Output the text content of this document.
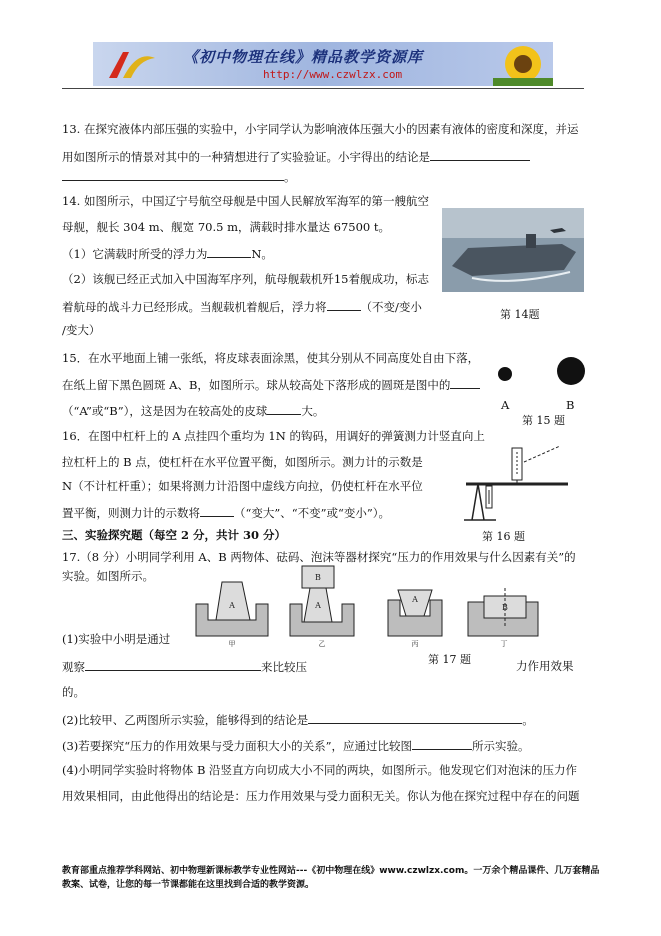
《初中物理在线》精品教学资源库
http://www.czwlzx.com
13. 在探究液体内部压强的实验中，小宇同学认为影响液体压强大小的因素有液体的密度和深度，并运
用如图所示的情景对其中的一种猜想进行了实验验证。小宇得出的结论是
。
14. 如图所示，中国辽宁号航空母舰是中国人民解放军海军的第一艘航空
母舰，舰长 304 m、舰宽 70.5 m，满载时排水量达 67500 t。
（1）它满载时所受的浮力为	N。
（2）该舰已经正式加入中国海军序列，航母舰载机歼15着舰成功，标志
着航母的战斗力已经形成。当舰载机着舰后，浮力将	（不变/变小
/变大）
第 14题
15．在水平地面上铺一张纸，将皮球表面涂黑，使其分别从不同高度处自由下落，
在纸上留下黑色圆斑 A、B，如图所示。球从较高处下落形成的圆斑是图中的
（“A”或“B”），这是因为在较高处的皮球	大。	A	B
第 15 题
16．在图中杠杆上的 A 点挂四个重均为 1N 的钩码，用调好的弹簧测力计竖直向上
拉杠杆上的 B 点，使杠杆在水平位置平衡，如图所示。测力计的示数是
N（不计杠杆重）；如果将测力计沿图中虚线方向拉，仍使杠杆在水平位
置平衡，则测力计的示数将	（“变大”、“不变”或“变小”）。
第 16 题
三、实验探究题（每空 2 分，共计 30 分）
17.（8 分）小明同学利用 A、B 两物体、砝码、泡沫等器材探究“压力的作用效果与什么因素有关”的
实验。如图所示。
A
B
A
A
B
甲	乙	丙	丁
(1)实验中小明是通过
第 17 题
观察	来比较压	力作用效果
的。
(2)比较甲、乙两图所示实验，能够得到的结论是	。
(3)若要探究“压力的作用效果与受力面积大小的关系”，应通过比较图	所示实验。
(4)小明同学实验时将物体 B 沿竖直方向切成大小不同的两块，如图所示。他发现它们对泡沫的压力作
用效果相同，由此他得出的结论是：压力作用效果与受力面积无关。你认为他在探究过程中存在的问题
教育部重点推荐学科网站、初中物理新课标教学专业性网站---《初中物理在线》www.czwlzx.com。一万余个精品课件、几万套精品教案、试卷，让您的每一节课都能在这里找到合适的教学资源。
